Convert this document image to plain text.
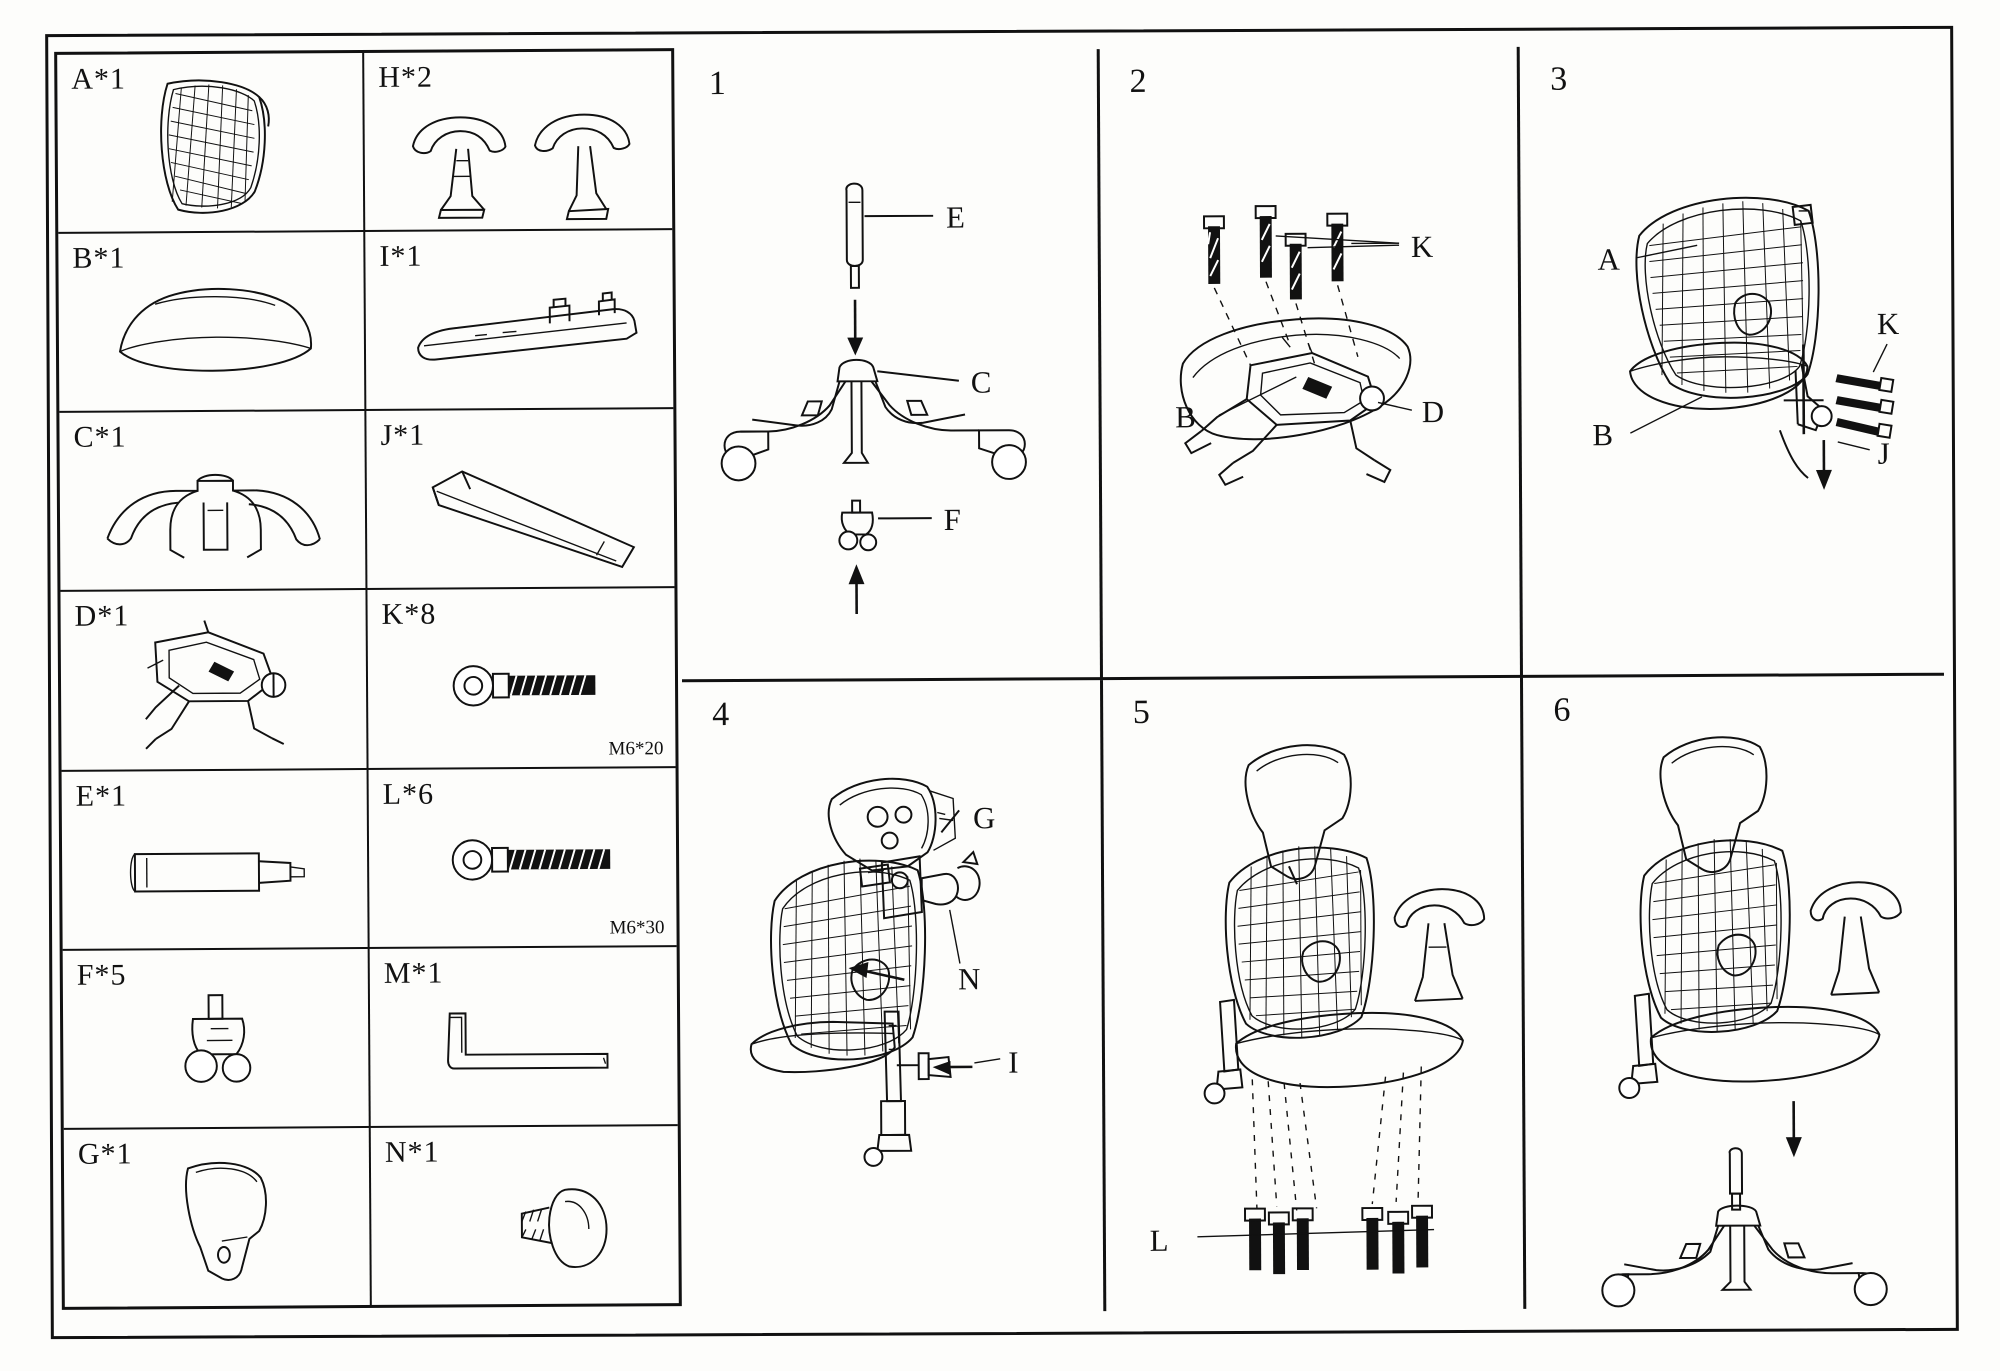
A*1	H*2
B*1	I*1
C*1	J*1
D*1	K*8
M6*20
E*1	L*6
M6*30
F*5	M*1
G*1	N*1
1
E
C
F
2
K
B	D
3
A
K
B
J
4
G
N
I
5
L
6
